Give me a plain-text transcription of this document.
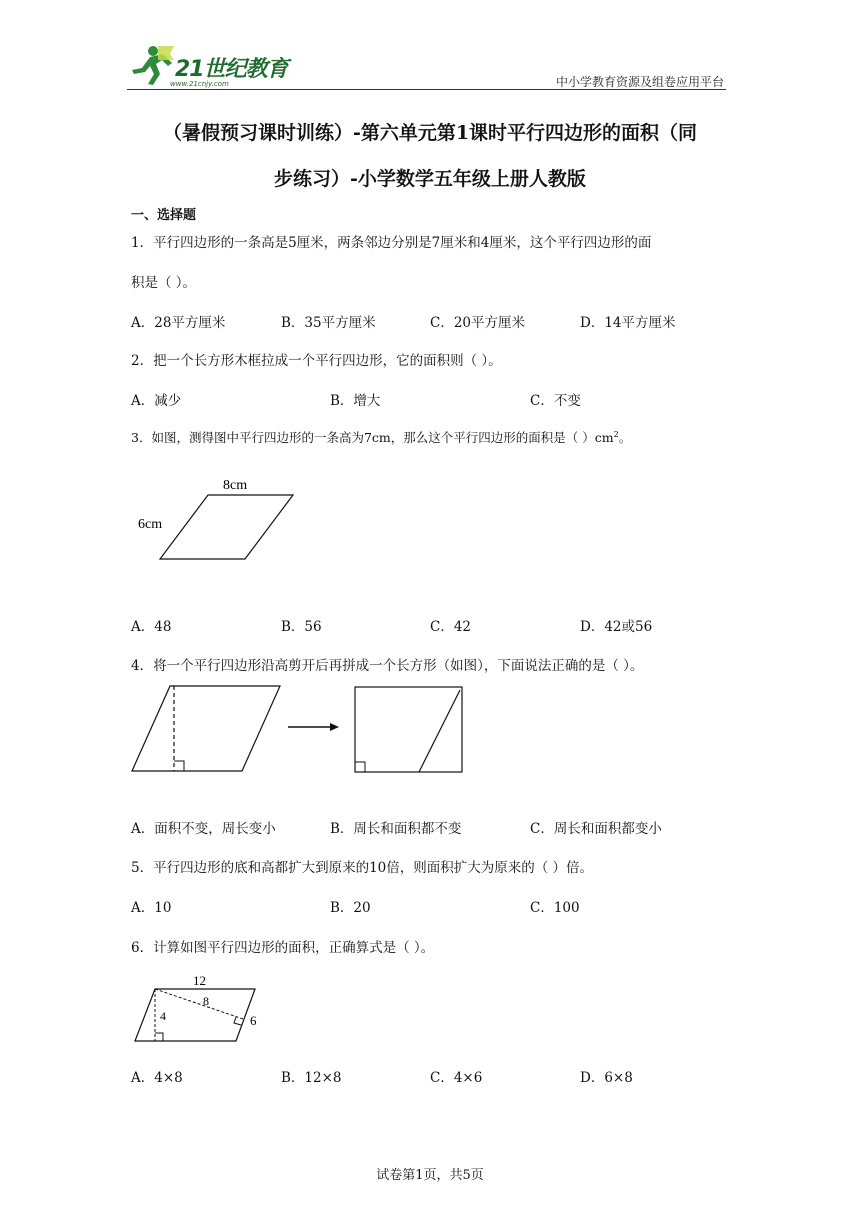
21世纪教育
www.21cnjy.com	中小学教育资源及组卷应用平台
（暑假预习课时训练）-第六单元第1课时平行四边形的面积（同
步练习）-小学数学五年级上册人教版
一、选择题
1．平行四边形的一条高是5厘米，两条邻边分别是7厘米和4厘米，这个平行四边形的面
积是（ ）。
A．28平方厘米	B．35平方厘米	C．20平方厘米	D．14平方厘米
2．把一个长方形木框拉成一个平行四边形，它的面积则（ ）。
A．减少	B．增大	C．不变
3．如图，测得图中平行四边形的一条高为7cm，那么这个平行四边形的面积是（ ）$cm^2$。
8cm
6cm
A．48	B．56	C．42	D．42或56
4．将一个平行四边形沿高剪开后再拼成一个长方形（如图），下面说法正确的是（ ）。
A．面积不变，周长变小	B．周长和面积都不变	C．周长和面积都变小
5．平行四边形的底和高都扩大到原来的10倍，则面积扩大为原来的（ ）倍。
A．10	B．20	C．100
6．计算如图平行四边形的面积，正确算式是（ ）。
12
8
4	6
A．4×8	B．12×8	C．4×6	D．6×8
试卷第1页，共5页
